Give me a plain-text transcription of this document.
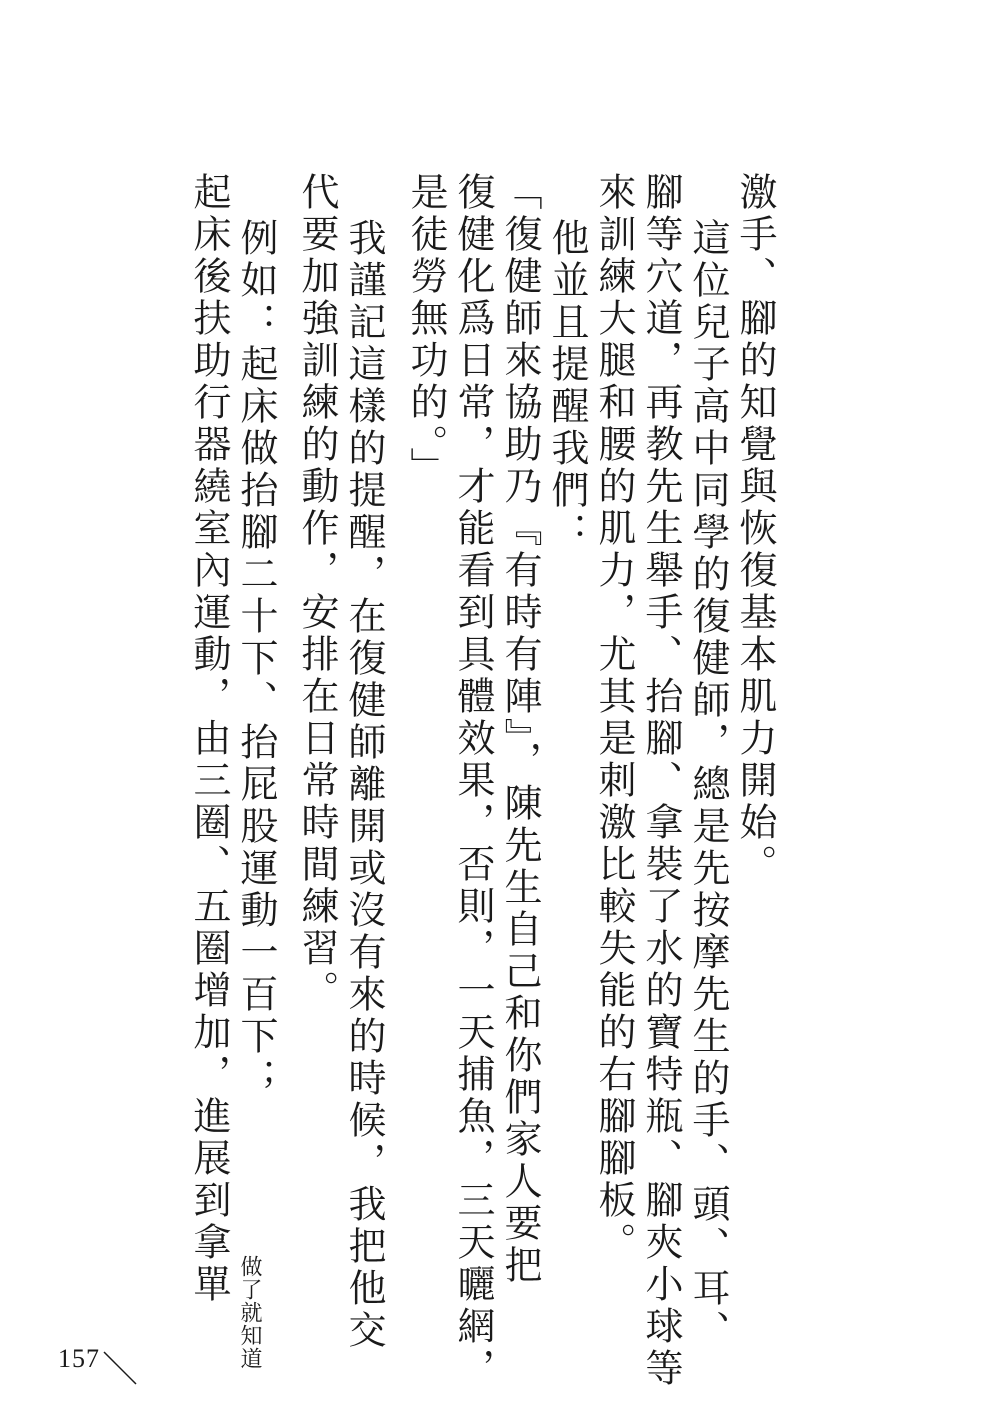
激手、腳的知覺與恢復基本肌力開始。
這位兒子高中同學的復健師，總是先按摩先生的手、頭、耳、
腳等穴道，再教先生舉手、抬腳、拿裝了水的寶特瓶、腳夾小球等
來訓練大腿和腰的肌力，尤其是刺激比較失能的右腳腳板。
他並且提醒我們：
「復健師來協助乃『有時有陣』，陳先生自己和你們家人要把
復健化爲日常，才能看到具體效果，否則，一天捕魚，三天曬網，
是徒勞無功的。」
我謹記這樣的提醒，在復健師離開或沒有來的時候，我把他交
代要加強訓練的動作，安排在日常時間練習。
例如：起床做抬腳二十下、抬屁股運動一百下；
起床後扶助行器繞室內運動，由三圈、五圈增加，進展到拿單
做了就知道
157
